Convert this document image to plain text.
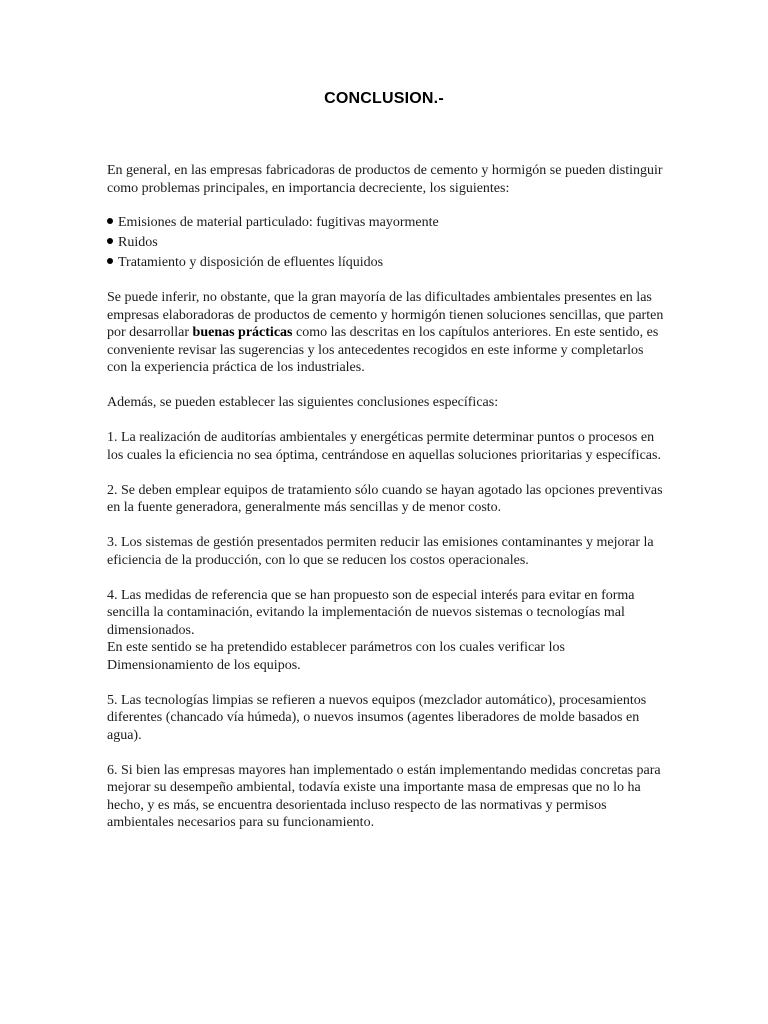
CONCLUSION.-

En general, en las empresas fabricadoras de productos de cemento y hormigón se pueden distinguir como problemas principales, en importancia decreciente, los siguientes:

Emisiones de material particulado: fugitivas mayormente
Ruidos
Tratamiento y disposición de efluentes líquidos

Se puede inferir, no obstante, que la gran mayoría de las dificultades ambientales presentes en las empresas elaboradoras de productos de cemento y hormigón tienen soluciones sencillas, que parten por desarrollar buenas prácticas como las descritas en los capítulos anteriores. En este sentido, es conveniente revisar las sugerencias y los antecedentes recogidos en este informe y completarlos con la experiencia práctica de los industriales.

Además, se pueden establecer las siguientes conclusiones específicas:

1. La realización de auditorías ambientales y energéticas permite determinar puntos o procesos en los cuales la eficiencia no sea óptima, centrándose en aquellas soluciones prioritarias y específicas.

2. Se deben emplear equipos de tratamiento sólo cuando se hayan agotado las opciones preventivas en la fuente generadora, generalmente más sencillas y de menor costo.

3. Los sistemas de gestión presentados permiten reducir las emisiones contaminantes y mejorar la eficiencia de la producción, con lo que se reducen los costos operacionales.

4. Las medidas de referencia que se han propuesto son de especial interés para evitar en forma sencilla la contaminación, evitando la implementación de nuevos sistemas o tecnologías mal dimensionados.

En este sentido se ha pretendido establecer parámetros con los cuales verificar los Dimensionamiento de los equipos.

5. Las tecnologías limpias se refieren a nuevos equipos (mezclador automático), procesamientos diferentes (chancado vía húmeda), o nuevos insumos (agentes liberadores de molde basados en agua).

6. Si bien las empresas mayores han implementado o están implementando medidas concretas para mejorar su desempeño ambiental, todavía existe una importante masa de empresas que no lo ha hecho, y es más, se encuentra desorientada incluso respecto de las normativas y permisos ambientales necesarios para su funcionamiento.
